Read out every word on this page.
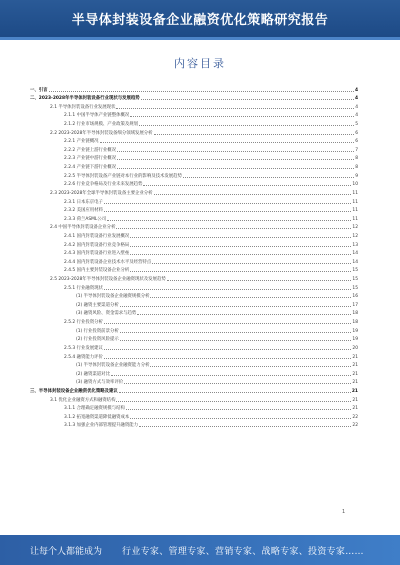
半导体封装设备企业融资优化策略研究报告
内容目录
一、引言	4
二、2023-2028年半导体封装设备行业现状与发展趋势	4
2.1 半导体封装设备行业发展现状	4
2.1.1 中国半导体产业链整体概况	4
2.1.2 行业市场规模、产业政策及规划	5
2.2 2023-2028年半导体封装设备细分领域发展分析	6
2.2.1 产业链概况	6
2.2.2 产业链上游行业概况	7
2.2.3 产业链中游行业概况	8
2.2.4 产业链下游行业概况	8
2.2.5 半导体封装设备产业链对本行业的影响及技术发展趋势	9
2.2.6 行业竞争格局及行业未来发展趋势	10
2.3 2023-2028年全球半导体封装设备主要企业分析	11
2.3.1 日本东京电子	11
2.3.2 美国应用材料	11
2.3.3 荷兰ASML公司	11
2.4 中国半导体封装设备企业分析	12
2.4.1 国内封装设备行业发展概况	12
2.4.2 国内封装设备行业竞争格局	13
2.4.3 国内封装设备行业进入壁垒	14
2.4.4 国内封装设备企业技术水平及经营特点	14
2.4.5 国内主要封装设备企业分析	15
2.5 2023-2028年半导体封装设备企业融资现状及发展趋势	15
2.5.1 行业融资现状	15
(1) 半导体封装设备企业融资规模分析	16
(2) 融资主要渠道分析	17
(3) 融资风险、资金需求与趋势	18
2.5.2 行业投资分析	18
(1) 行业投资前景分析	19
(2) 行业投资风险提示	19
2.5.3 行业发展建议	20
2.5.4 融资能力评价	21
(1) 半导体封装设备企业融资能力分析	21
(2) 融资渠道对比	21
(3) 融资方式与效率评价	21
三、半导体封装设备企业融资优化策略及建议	21
3.1 优化企业融资方式和融资结构	21
3.1.1 合理确定融资规模与结构	21
3.1.2 拓宽融资渠道降低融资成本	22
3.1.3 加强企业内部管理提升融资能力	22
1
让每个人都能成为 行业专家、管理专家、营销专家、战略专家、投资专家……
